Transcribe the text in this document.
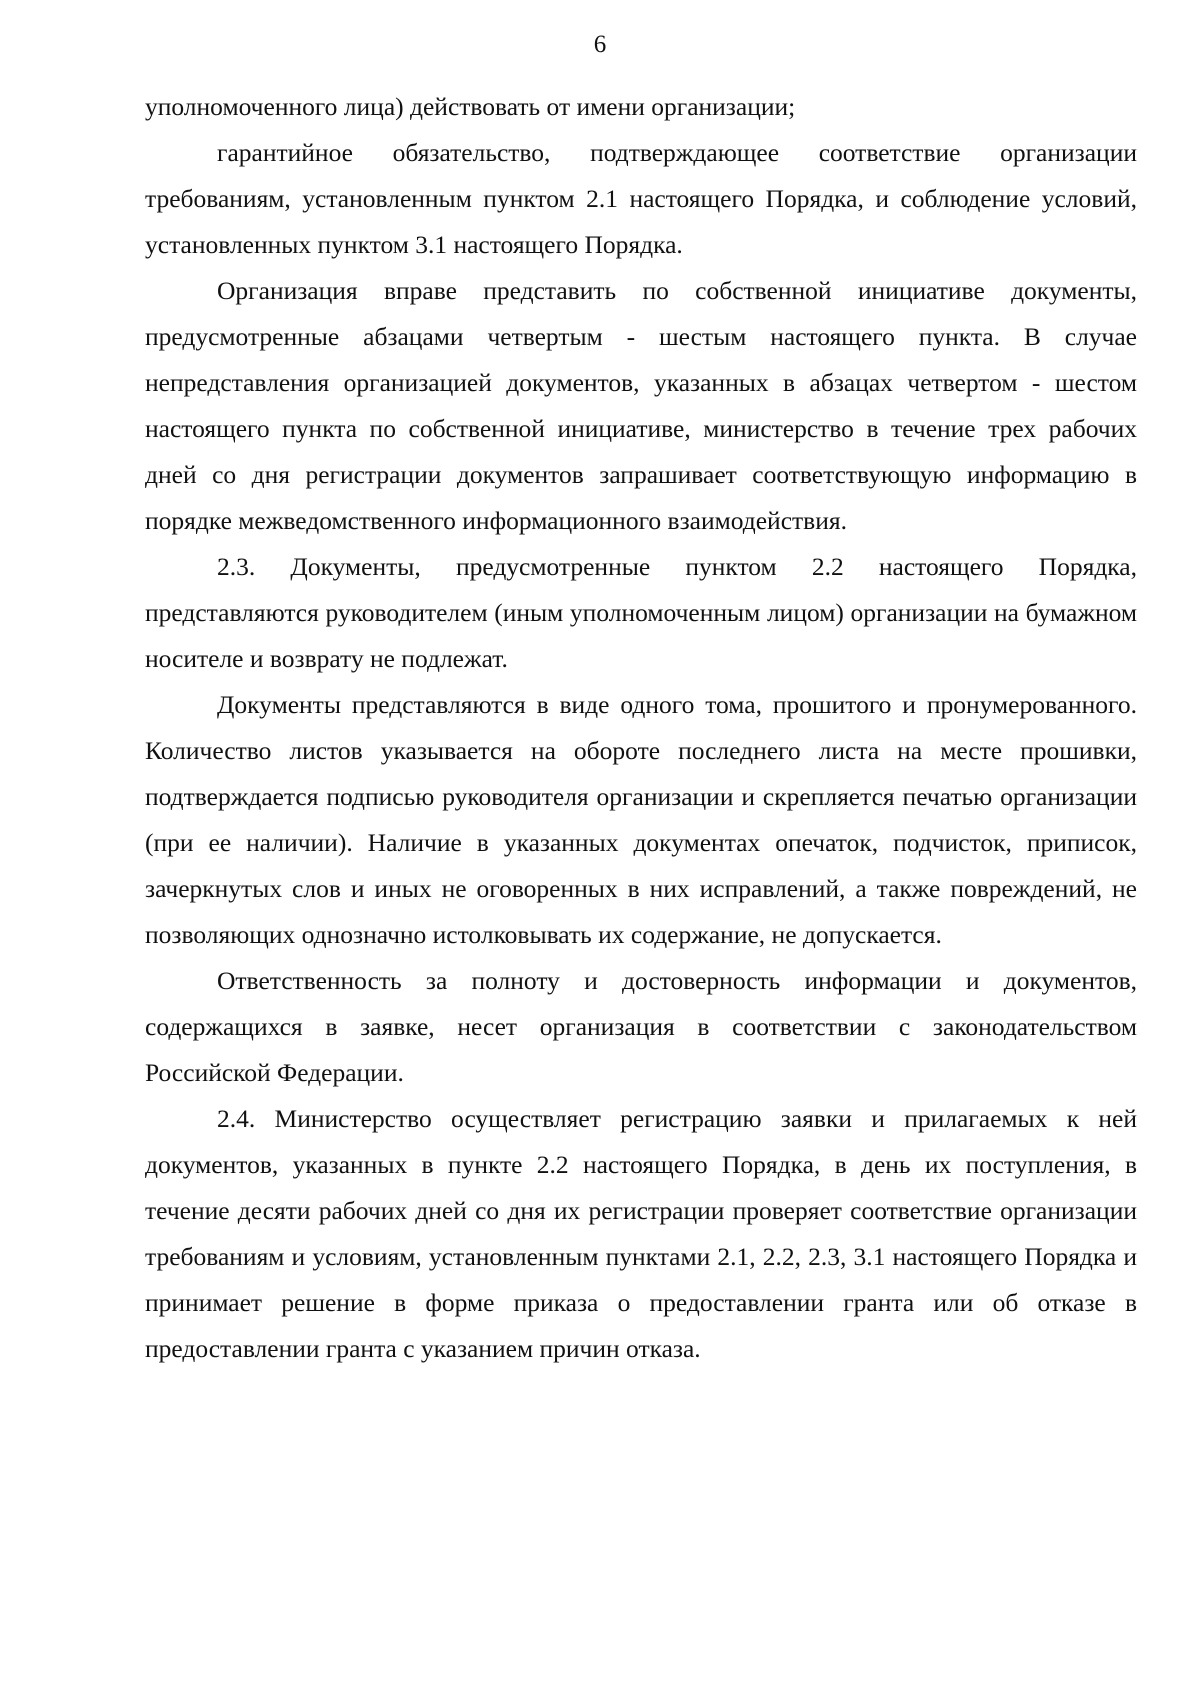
6

уполномоченного лица) действовать от имени организации;

гарантийное обязательство, подтверждающее соответствие организации требованиям, установленным пунктом 2.1 настоящего Порядка, и соблюдение условий, установленных пунктом 3.1 настоящего Порядка.

Организация вправе представить по собственной инициативе документы, предусмотренные абзацами четвертым - шестым настоящего пункта. В случае непредставления организацией документов, указанных в абзацах четвертом - шестом настоящего пункта по собственной инициативе, министерство в течение трех рабочих дней со дня регистрации документов запрашивает соответствующую информацию в порядке межведомственного информационного взаимодействия.

2.3. Документы, предусмотренные пунктом 2.2 настоящего Порядка, представляются руководителем (иным уполномоченным лицом) организации на бумажном носителе и возврату не подлежат.

Документы представляются в виде одного тома, прошитого и пронумерованного. Количество листов указывается на обороте последнего листа на месте прошивки, подтверждается подписью руководителя организации и скрепляется печатью организации (при ее наличии). Наличие в указанных документах опечаток, подчисток, приписок, зачеркнутых слов и иных не оговоренных в них исправлений, а также повреждений, не позволяющих однозначно истолковывать их содержание, не допускается.

Ответственность за полноту и достоверность информации и документов, содержащихся в заявке, несет организация в соответствии с законодательством Российской Федерации.

2.4. Министерство осуществляет регистрацию заявки и прилагаемых к ней документов, указанных в пункте 2.2 настоящего Порядка, в день их поступления, в течение десяти рабочих дней со дня их регистрации проверяет соответствие организации требованиям и условиям, установленным пунктами 2.1, 2.2, 2.3, 3.1 настоящего Порядка и принимает решение в форме приказа о предоставлении гранта или об отказе в предоставлении гранта с указанием причин отказа.
